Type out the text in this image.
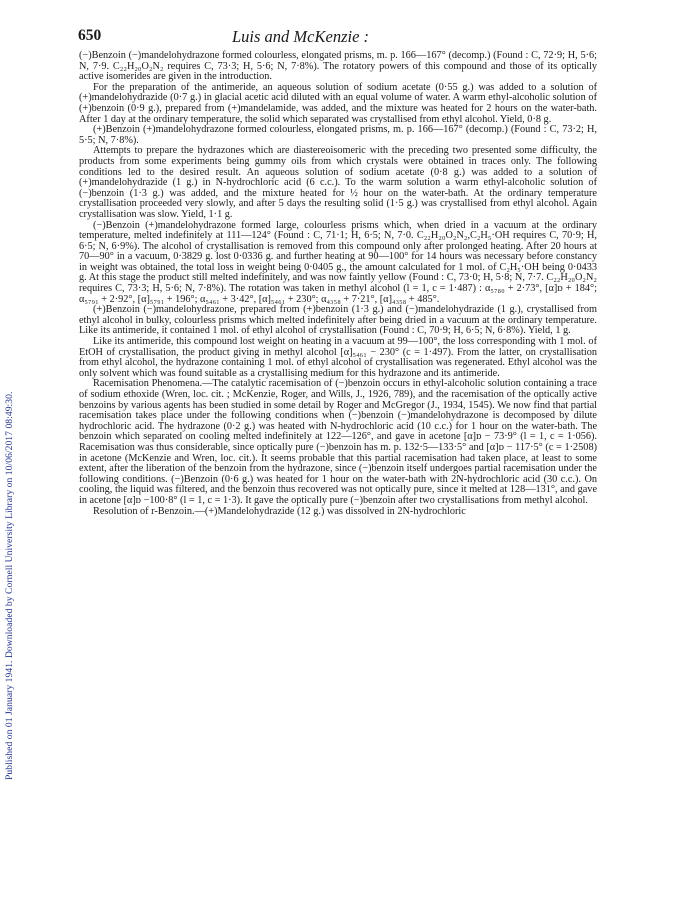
Published on 01 January 1941. Downloaded by Cornell University Library on 10/06/2017 08:49:30.
650	Luis and McKenzie :

(−)Benzoin (−)mandelohydrazone formed colourless, elongated prisms, m. p. 166—167° (decomp.) (Found : C, 72·9; H, 5·6; N, 7·9. C₂₂H₂₀O₂N₂ requires C, 73·3; H, 5·6; N, 7·8%). The rotatory powers of this compound and those of its optically active isomerides are given in the introduction.

For the preparation of the antimeride, an aqueous solution of sodium acetate (0·55 g.) was added to a solution of (+)mandelohydrazide (0·7 g.) in glacial acetic acid diluted with an equal volume of water. A warm ethyl-alcoholic solution of (+)benzoin (0·9 g.), prepared from (+)mandelamide, was added, and the mixture was heated for 2 hours on the water-bath. After 1 day at the ordinary temperature, the solid which separated was crystallised from ethyl alcohol. Yield, 0·8 g.

(+)Benzoin (+)mandelohydrazone formed colourless, elongated prisms, m. p. 166—167° (decomp.) (Found : C, 73·2; H, 5·5; N, 7·8%).

Attempts to prepare the hydrazones which are diastereoisomeric with the preceding two presented some difficulty, the products from some experiments being gummy oils from which crystals were obtained in traces only. The following conditions led to the desired result. An aqueous solution of sodium acetate (0·8 g.) was added to a solution of (+)mandelohydrazide (1 g.) in N-hydrochloric acid (6 c.c.). To the warm solution a warm ethyl-alcoholic solution of (−)benzoin (1·3 g.) was added, and the mixture heated for ½ hour on the water-bath. At the ordinary temperature crystallisation proceeded very slowly, and after 5 days the resulting solid (1·5 g.) was crystallised from ethyl alcohol. Again crystallisation was slow. Yield, 1·1 g.

(−)Benzoin (+)mandelohydrazone formed large, colourless prisms which, when dried in a vacuum at the ordinary temperature, melted indefinitely at 111—124° (Found : C, 71·1; H, 6·5; N, 7·0. C₂₂H₂₀O₂N₂,C₂H₅·OH requires C, 70·9; H, 6·5; N, 6·9%). The alcohol of crystallisation is removed from this compound only after prolonged heating. After 20 hours at 70—90° in a vacuum, 0·3829 g. lost 0·0336 g. and further heating at 90—100° for 14 hours was necessary before constancy in weight was obtained, the total loss in weight being 0·0405 g., the amount calculated for 1 mol. of C₂H₅·OH being 0·0433 g. At this stage the product still melted indefinitely, and was now faintly yellow (Found : C, 73·0; H, 5·8; N, 7·7. C₂₂H₂₀O₂N₂ requires C, 73·3; H, 5·6; N, 7·8%). The rotation was taken in methyl alcohol (l = 1, c = 1·487) : α₅₇₈₀ + 2·73°, [α]ᴅ + 184°; α₅₇₉₁ + 2·92°, [α]₅₇₉₁ + 196°; α₅₄₆₁ + 3·42°, [α]₅₄₆₁ + 230°; α₄₃₅₈ + 7·21°, [α]₄₃₅₈ + 485°.

(+)Benzoin (−)mandelohydrazone, prepared from (+)benzoin (1·3 g.) and (−)mandelohydrazide (1 g.), crystallised from ethyl alcohol in bulky, colourless prisms which melted indefinitely after being dried in a vacuum at the ordinary temperature. Like its antimeride, it contained 1 mol. of ethyl alcohol of crystallisation (Found : C, 70·9; H, 6·5; N, 6·8%). Yield, 1 g.

Like its antimeride, this compound lost weight on heating in a vacuum at 99—100°, the loss corresponding with 1 mol. of EtOH of crystallisation, the product giving in methyl alcohol [α]₅₄₆₁ − 230° (c = 1·497). From the latter, on crystallisation from ethyl alcohol, the hydrazone containing 1 mol. of ethyl alcohol of crystallisation was regenerated. Ethyl alcohol was the only solvent which was found suitable as a crystallising medium for this hydrazone and its antimeride.

Racemisation Phenomena.—The catalytic racemisation of (−)benzoin occurs in ethyl-alcoholic solution containing a trace of sodium ethoxide (Wren, loc. cit. ; McKenzie, Roger, and Wills, J., 1926, 789), and the racemisation of the optically active benzoins by various agents has been studied in some detail by Roger and McGregor (J., 1934, 1545). We now find that partial racemisation takes place under the following conditions when (−)benzoin (−)mandelohydrazone is decomposed by dilute hydrochloric acid. The hydrazone (0·2 g.) was heated with N-hydrochloric acid (10 c.c.) for 1 hour on the water-bath. The benzoin which separated on cooling melted indefinitely at 122—126°, and gave in acetone [α]ᴅ − 73·9° (l = 1, c = 1·056). Racemisation was thus considerable, since optically pure (−)benzoin has m. p. 132·5—133·5° and [α]ᴅ − 117·5° (c = 1·2508) in acetone (McKenzie and Wren, loc. cit.). It seems probable that this partial racemisation had taken place, at least to some extent, after the liberation of the benzoin from the hydrazone, since (−)benzoin itself undergoes partial racemisation under the following conditions. (−)Benzoin (0·6 g.) was heated for 1 hour on the water-bath with 2N-hydrochloric acid (30 c.c.). On cooling, the liquid was filtered, and the benzoin thus recovered was not optically pure, since it melted at 128—131°, and gave in acetone [α]ᴅ −100·8° (l = 1, c = 1·3). It gave the optically pure (−)benzoin after two crystallisations from methyl alcohol.

Resolution of r-Benzoin.—(+)Mandelohydrazide (12 g.) was dissolved in 2N-hydrochloric
